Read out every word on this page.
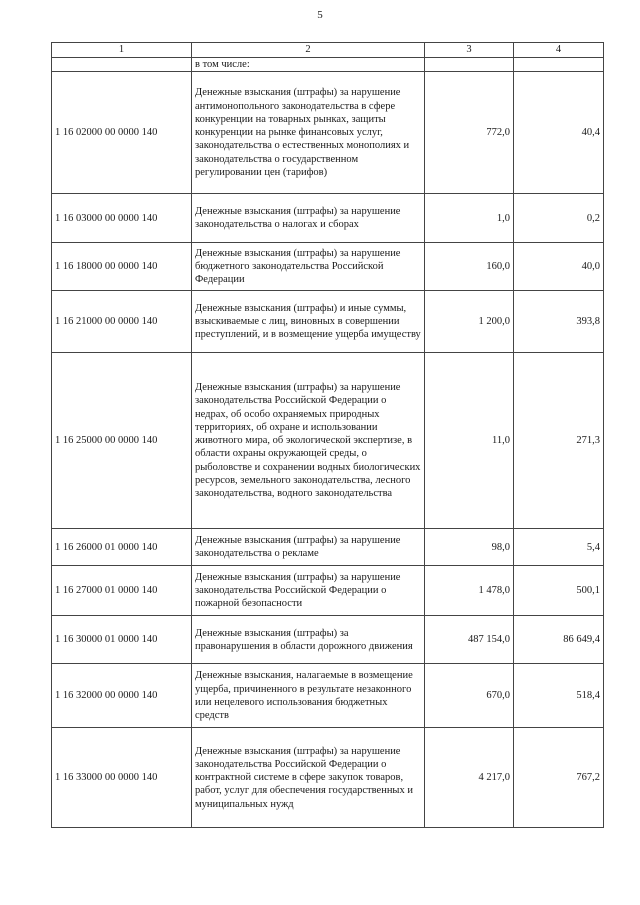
5
1	2	3	4
	в том числе:		
1 16 02000 00 0000 140	Денежные взыскания (штрафы) за нарушение антимонопольного законодательства в сфере конкуренции на товарных рынках, защиты конкуренции на рынке финансовых услуг, законодательства о естественных монополиях и законодательства о государственном регулировании цен (тарифов)	772,0	40,4
1 16 03000 00 0000 140	Денежные взыскания (штрафы) за нарушение законодательства о налогах и сборах	1,0	0,2
1 16 18000 00 0000 140	Денежные взыскания (штрафы) за нарушение бюджетного законодательства Российской Федерации	160,0	40,0
1 16 21000 00 0000 140	Денежные взыскания (штрафы) и иные суммы, взыскиваемые с лиц, виновных в совершении преступлений, и в возмещение ущерба имуществу	1 200,0	393,8
1 16 25000 00 0000 140	Денежные взыскания (штрафы) за нарушение законодательства Российской Федерации о недрах, об особо охраняемых природных территориях, об охране и использовании животного мира, об экологической экспертизе, в области охраны окружающей среды, о рыболовстве и сохранении водных биологических ресурсов, земельного законодательства, лесного законодательства, водного законодательства	11,0	271,3
1 16 26000 01 0000 140	Денежные взыскания (штрафы) за нарушение законодательства о рекламе	98,0	5,4
1 16 27000 01 0000 140	Денежные взыскания (штрафы) за нарушение законодательства Российской Федерации о пожарной безопасности	1 478,0	500,1
1 16 30000 01 0000 140	Денежные взыскания (штрафы) за правонарушения в области дорожного движения	487 154,0	86 649,4
1 16 32000 00 0000 140	Денежные взыскания, налагаемые в возмещение ущерба, причиненного в результате незаконного или нецелевого использования бюджетных средств	670,0	518,4
1 16 33000 00 0000 140	Денежные взыскания (штрафы) за нарушение законодательства Российской Федерации о контрактной системе в сфере закупок товаров, работ, услуг для обеспечения государственных и муниципальных нужд	4 217,0	767,2
